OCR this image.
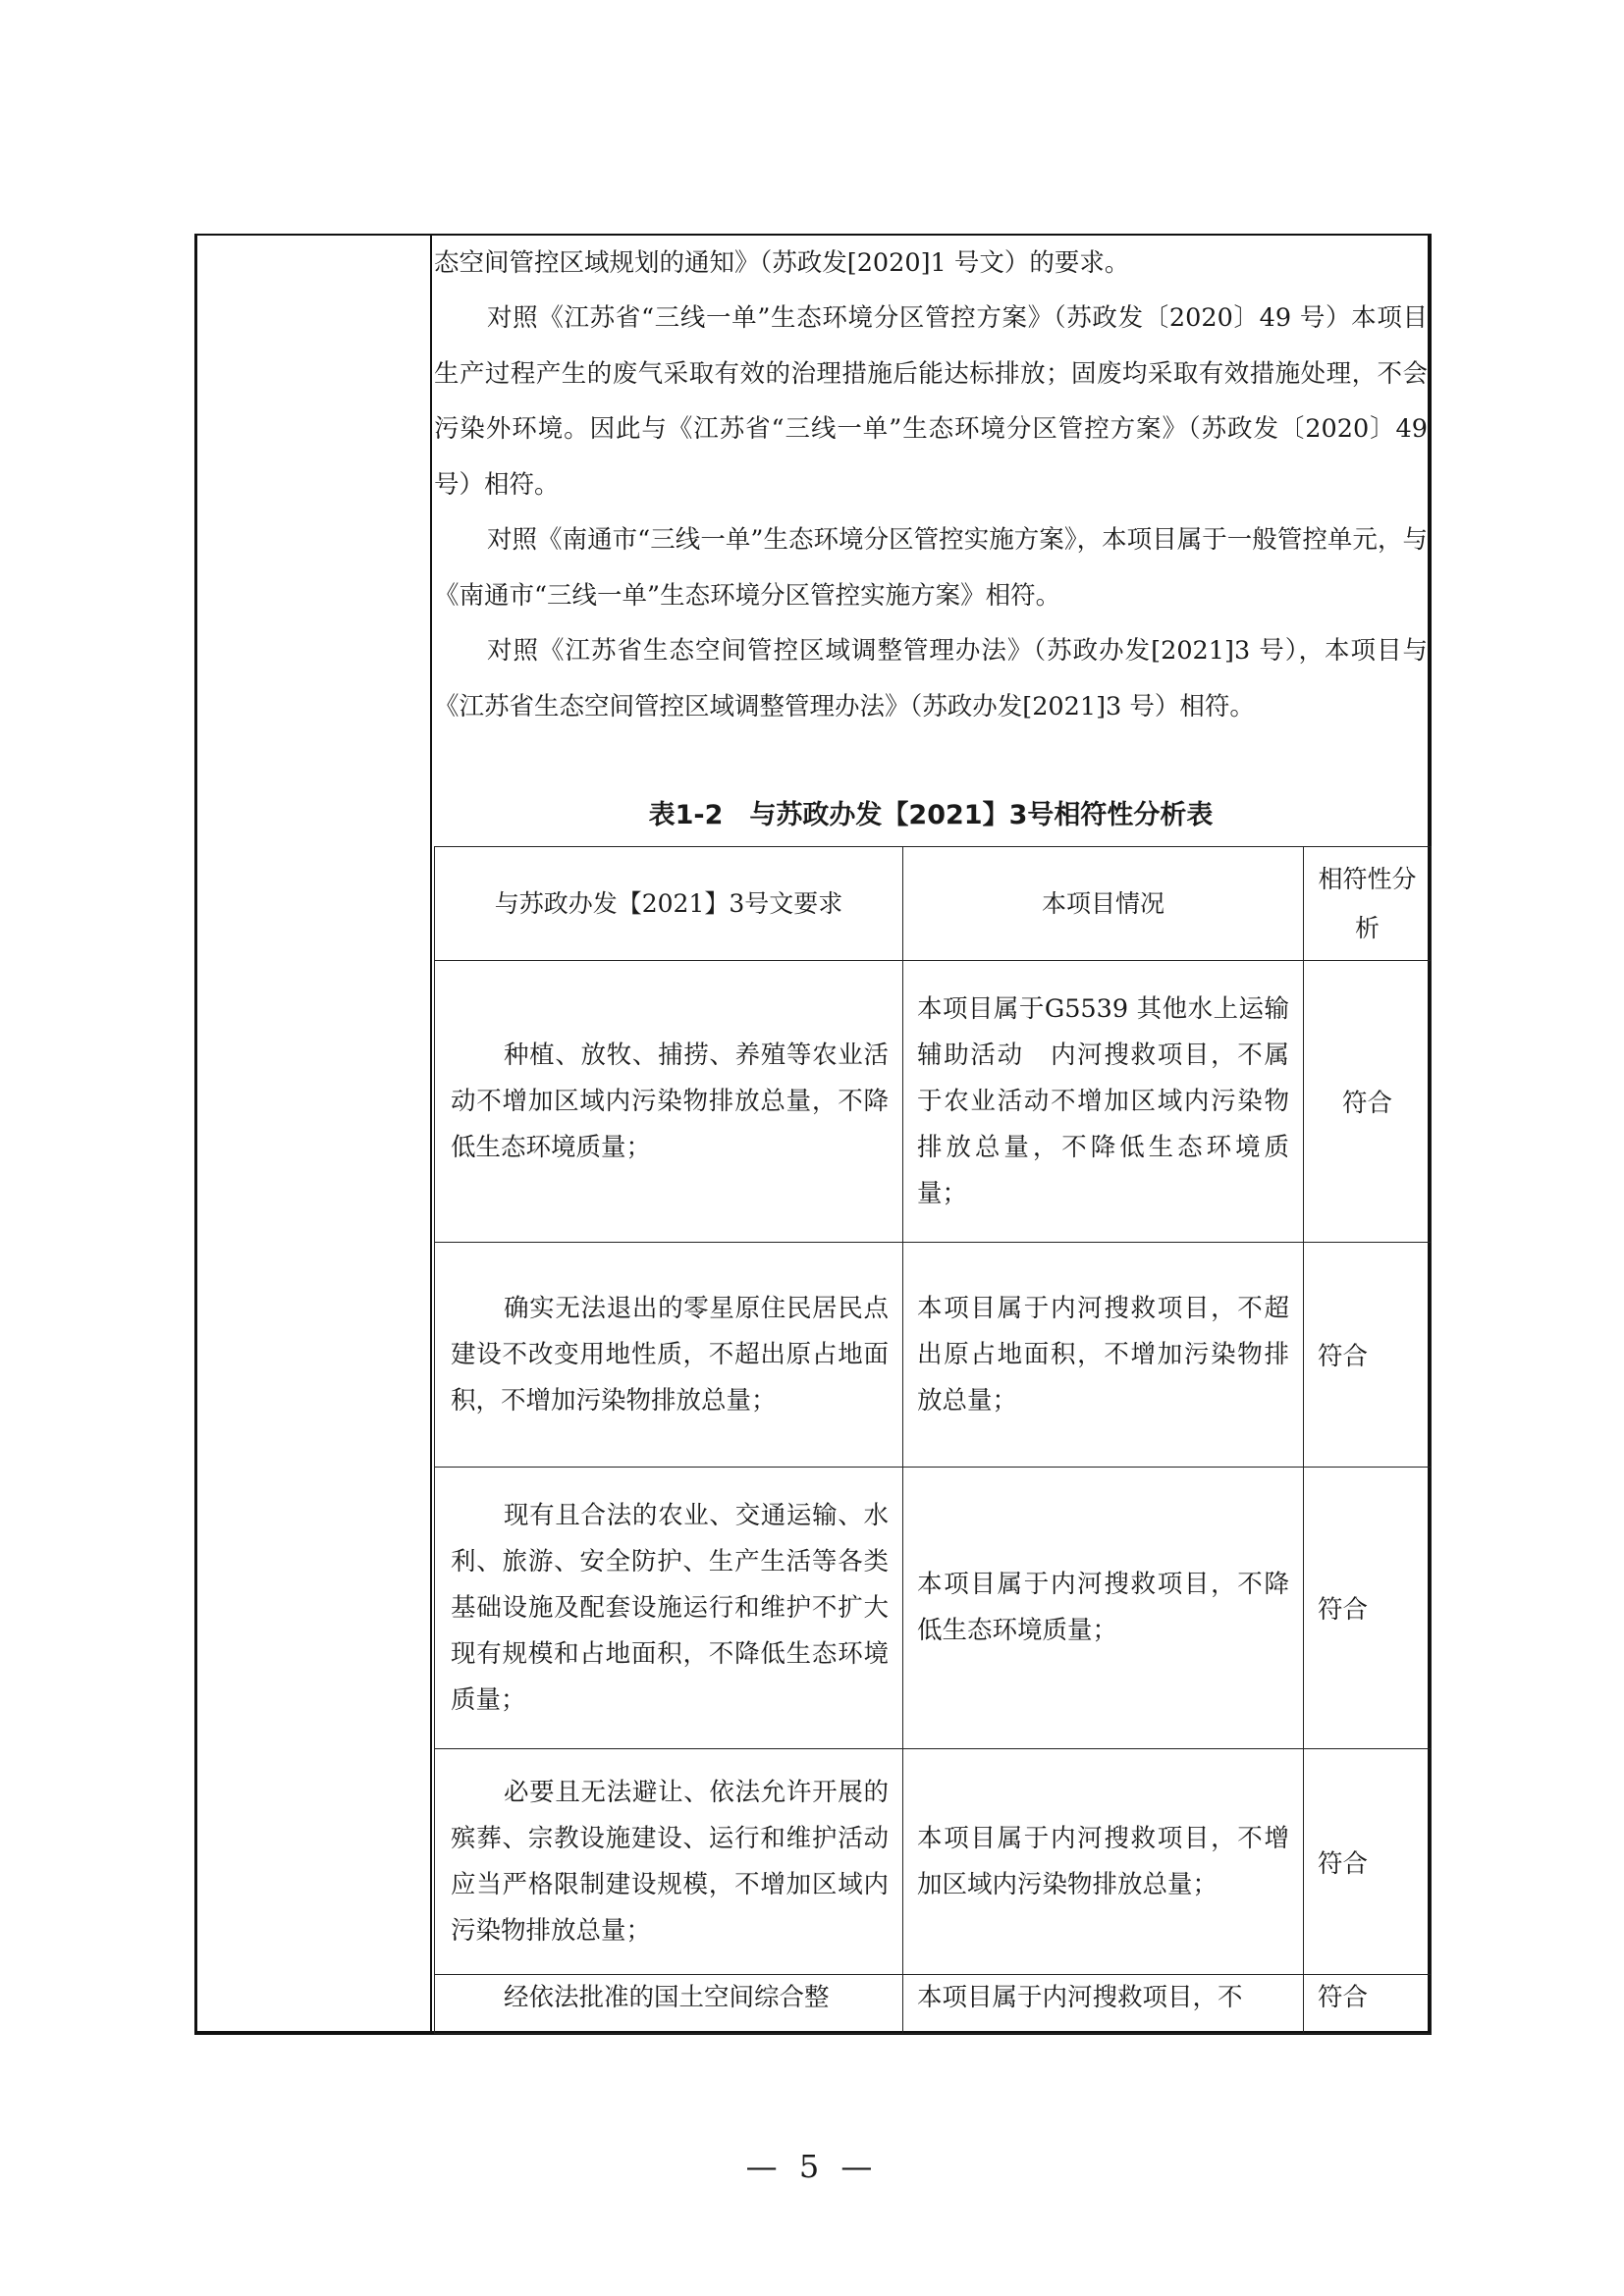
态空间管控区域规划的通知》（苏政发[2020]1 号文）的要求。
对照《江苏省“三线一单”生态环境分区管控方案》（苏政发〔2020〕49 号）本项目生产过程产生的废气采取有效的治理措施后能达标排放；固废均采取有效措施处理，不会污染外环境。因此与《江苏省“三线一单”生态环境分区管控方案》（苏政发〔2020〕49 号）相符。
对照《南通市“三线一单”生态环境分区管控实施方案》，本项目属于一般管控单元，与《南通市“三线一单”生态环境分区管控实施方案》相符。
对照《江苏省生态空间管控区域调整管理办法》（苏政办发[2021]3 号），本项目与《江苏省生态空间管控区域调整管理办法》（苏政办发[2021]3 号）相符。
表1-2　与苏政办发【2021】3号相符性分析表
与苏政办发【2021】3号文要求	本项目情况	相符性分析

种植、放牧、捕捞、养殖等农业活动不增加区域内污染物排放总量，不降低生态环境质量；	本项目属于G5539 其他水上运输辅助活动　内河搜救项目，不属于农业活动不增加区域内污染物排放总量，不降低生态环境质量；	符合

确实无法退出的零星原住民居民点建设不改变用地性质，不超出原占地面积，不增加污染物排放总量；	本项目属于内河搜救项目，不超出原占地面积，不增加污染物排放总量；	符合

现有且合法的农业、交通运输、水利、旅游、安全防护、生产生活等各类基础设施及配套设施运行和维护不扩大现有规模和占地面积，不降低生态环境质量；	本项目属于内河搜救项目，不降低生态环境质量；	符合

必要且无法避让、依法允许开展的殡葬、宗教设施建设、运行和维护活动应当严格限制建设规模，不增加区域内污染物排放总量；	本项目属于内河搜救项目，不增加区域内污染物排放总量；	符合

经依法批准的国土空间综合整	本项目属于内河搜救项目，不	符合
— 5 —
